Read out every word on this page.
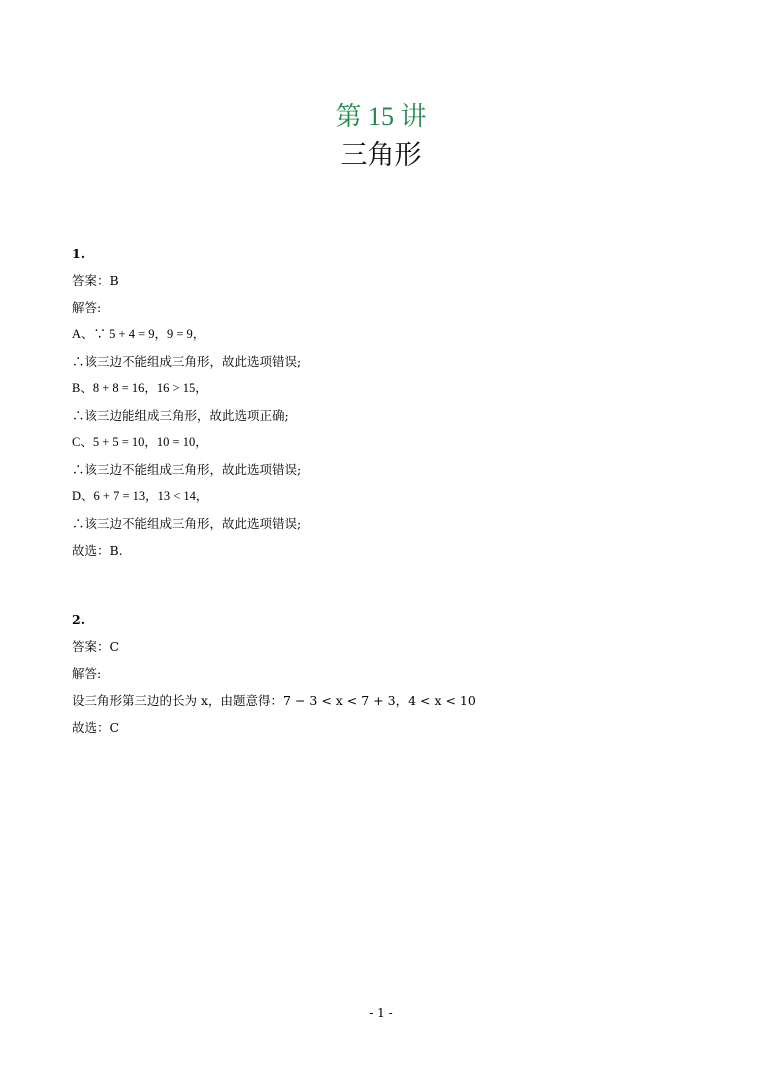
第 15 讲
三角形
1.
答案：B
解答:
A、∵ 5 + 4 = 9，9 = 9，
∴该三边不能组成三角形，故此选项错误;
B、8 + 8 = 16，16 > 15，
∴该三边能组成三角形，故此选项正确;
C、5 + 5 = 10，10 = 10，
∴该三边不能组成三角形，故此选项错误;
D、6 + 7 = 13，13 < 14，
∴该三边不能组成三角形，故此选项错误;
故选：B.
2.
答案：C
解答:
设三角形第三边的长为 x，由题意得：7 − 3 < x < 7 + 3，4 < x < 10
故选：C
- 1 -
